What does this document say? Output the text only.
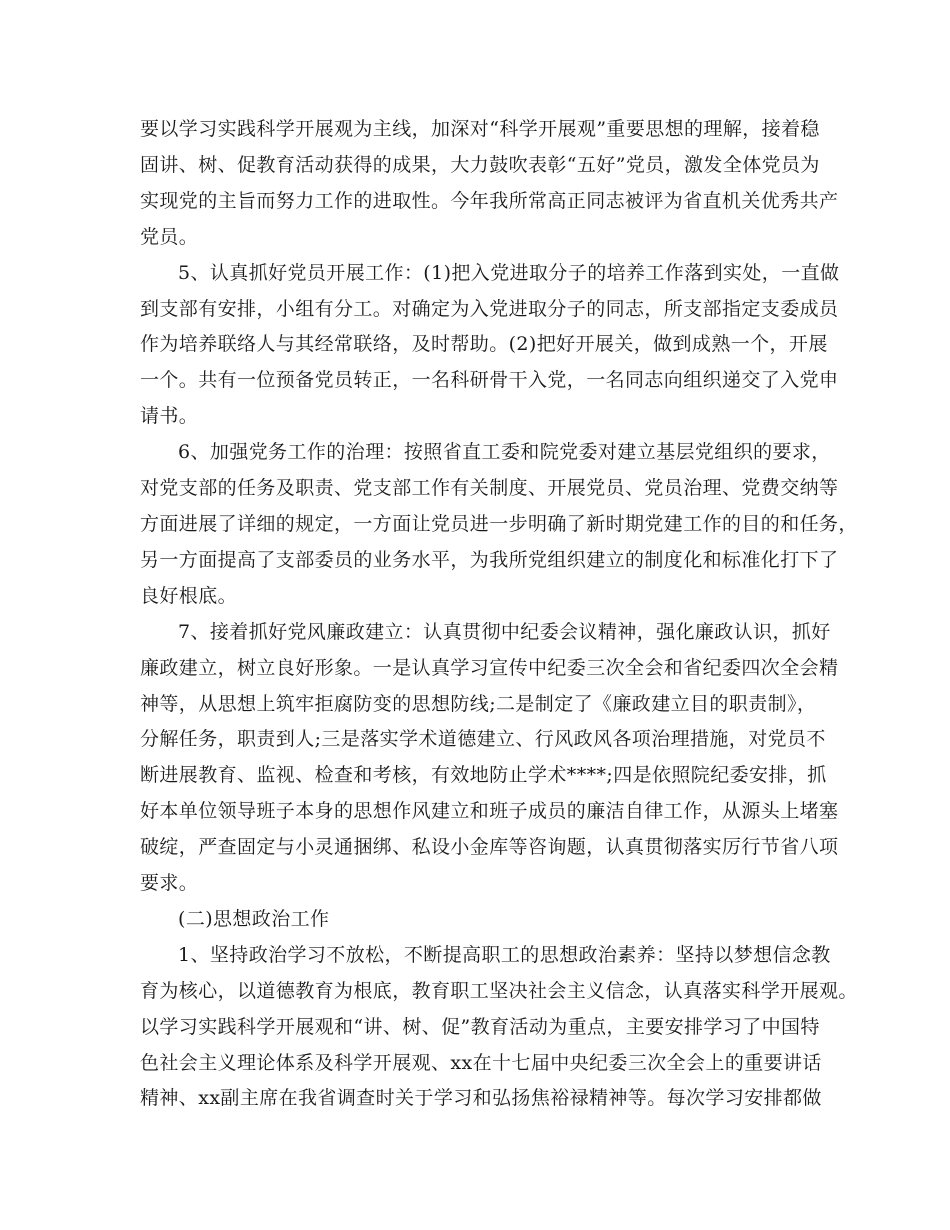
要以学习实践科学开展观为主线，加深对“科学开展观”重要思想的理解，接着稳
固讲、树、促教育活动获得的成果，大力鼓吹表彰“五好”党员，激发全体党员为
实现党的主旨而努力工作的进取性。今年我所常高正同志被评为省直机关优秀共产
党员。
5、认真抓好党员开展工作：(1)把入党进取分子的培养工作落到实处，一直做
到支部有安排，小组有分工。对确定为入党进取分子的同志，所支部指定支委成员
作为培养联络人与其经常联络，及时帮助。(2)把好开展关，做到成熟一个，开展
一个。共有一位预备党员转正，一名科研骨干入党，一名同志向组织递交了入党申
请书。
6、加强党务工作的治理：按照省直工委和院党委对建立基层党组织的要求，
对党支部的任务及职责、党支部工作有关制度、开展党员、党员治理、党费交纳等
方面进展了详细的规定，一方面让党员进一步明确了新时期党建工作的目的和任务，
另一方面提高了支部委员的业务水平，为我所党组织建立的制度化和标准化打下了
良好根底。
7、接着抓好党风廉政建立：认真贯彻中纪委会议精神，强化廉政认识，抓好
廉政建立，树立良好形象。一是认真学习宣传中纪委三次全会和省纪委四次全会精
神等，从思想上筑牢拒腐防变的思想防线;二是制定了《廉政建立目的职责制》，
分解任务，职责到人;三是落实学术道德建立、行风政风各项治理措施，对党员不
断进展教育、监视、检查和考核，有效地防止学术****;四是依照院纪委安排，抓
好本单位领导班子本身的思想作风建立和班子成员的廉洁自律工作，从源头上堵塞
破绽，严查固定与小灵通捆绑、私设小金库等咨询题，认真贯彻落实厉行节省八项
要求。
(二)思想政治工作
1、坚持政治学习不放松，不断提高职工的思想政治素养：坚持以梦想信念教
育为核心，以道德教育为根底，教育职工坚决社会主义信念，认真落实科学开展观。
以学习实践科学开展观和“讲、树、促”教育活动为重点，主要安排学习了中国特
色社会主义理论体系及科学开展观、xx在十七届中央纪委三次全会上的重要讲话
精神、xx副主席在我省调查时关于学习和弘扬焦裕禄精神等。每次学习安排都做
